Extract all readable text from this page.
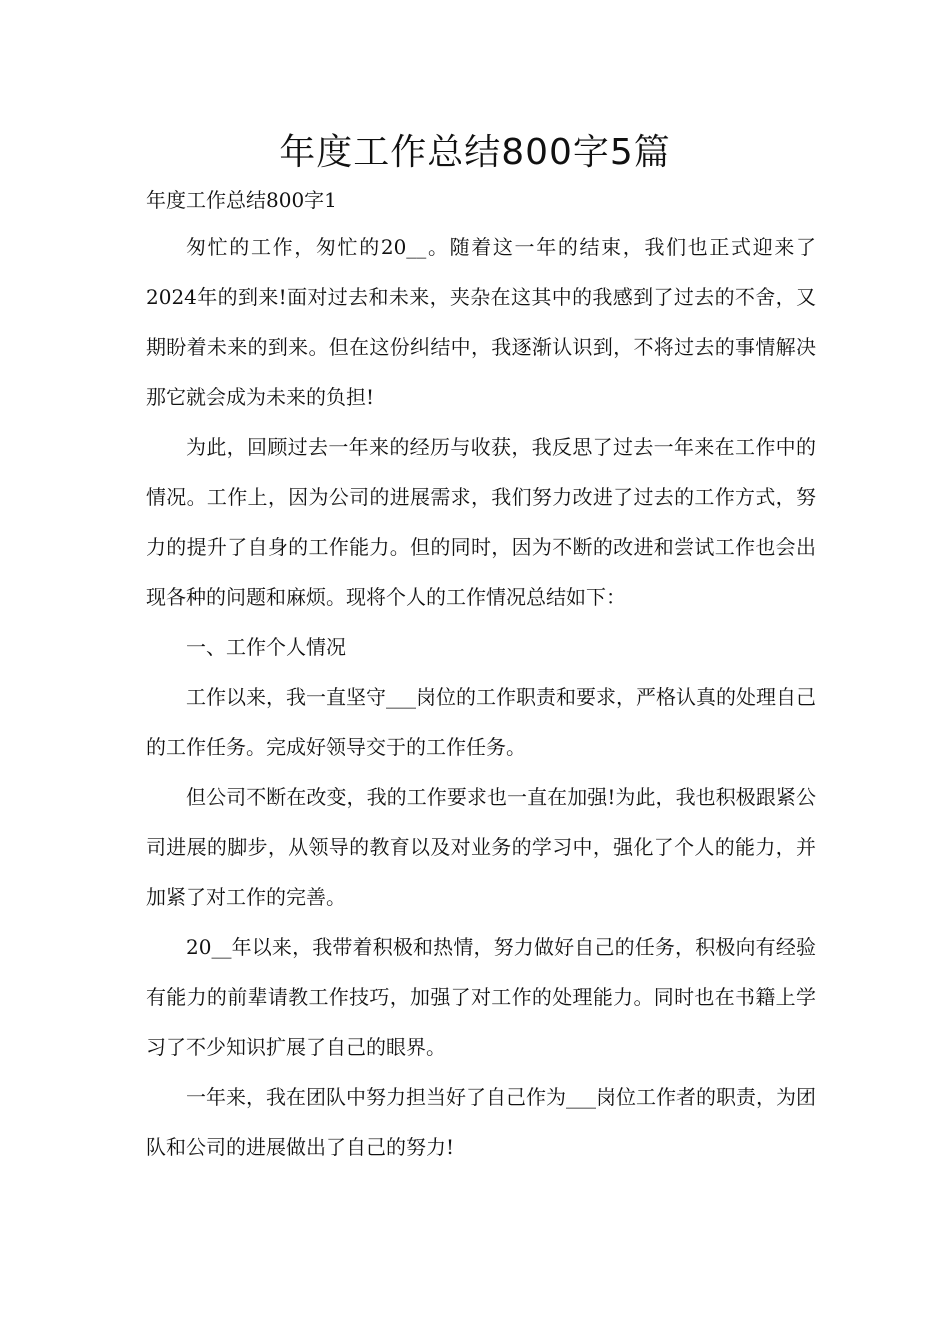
年度工作总结800字5篇
年度工作总结800字1

匆忙的工作，匆忙的20__。随着这一年的结束，我们也正式迎来了2024年的到来!面对过去和未来，夹杂在这其中的我感到了过去的不舍，又期盼着未来的到来。但在这份纠结中，我逐渐认识到，不将过去的事情解决那它就会成为未来的负担!

为此，回顾过去一年来的经历与收获，我反思了过去一年来在工作中的情况。工作上，因为公司的进展需求，我们努力改进了过去的工作方式，努力的提升了自身的工作能力。但的同时，因为不断的改进和尝试工作也会出现各种的问题和麻烦。现将个人的工作情况总结如下：

一、工作个人情况

工作以来，我一直坚守___岗位的工作职责和要求，严格认真的处理自己的工作任务。完成好领导交于的工作任务。

但公司不断在改变，我的工作要求也一直在加强!为此，我也积极跟紧公司进展的脚步，从领导的教育以及对业务的学习中，强化了个人的能力，并加紧了对工作的完善。

20__年以来，我带着积极和热情，努力做好自己的任务，积极向有经验有能力的前辈请教工作技巧，加强了对工作的处理能力。同时也在书籍上学习了不少知识扩展了自己的眼界。

一年来，我在团队中努力担当好了自己作为___岗位工作者的职责，为团队和公司的进展做出了自己的努力!
